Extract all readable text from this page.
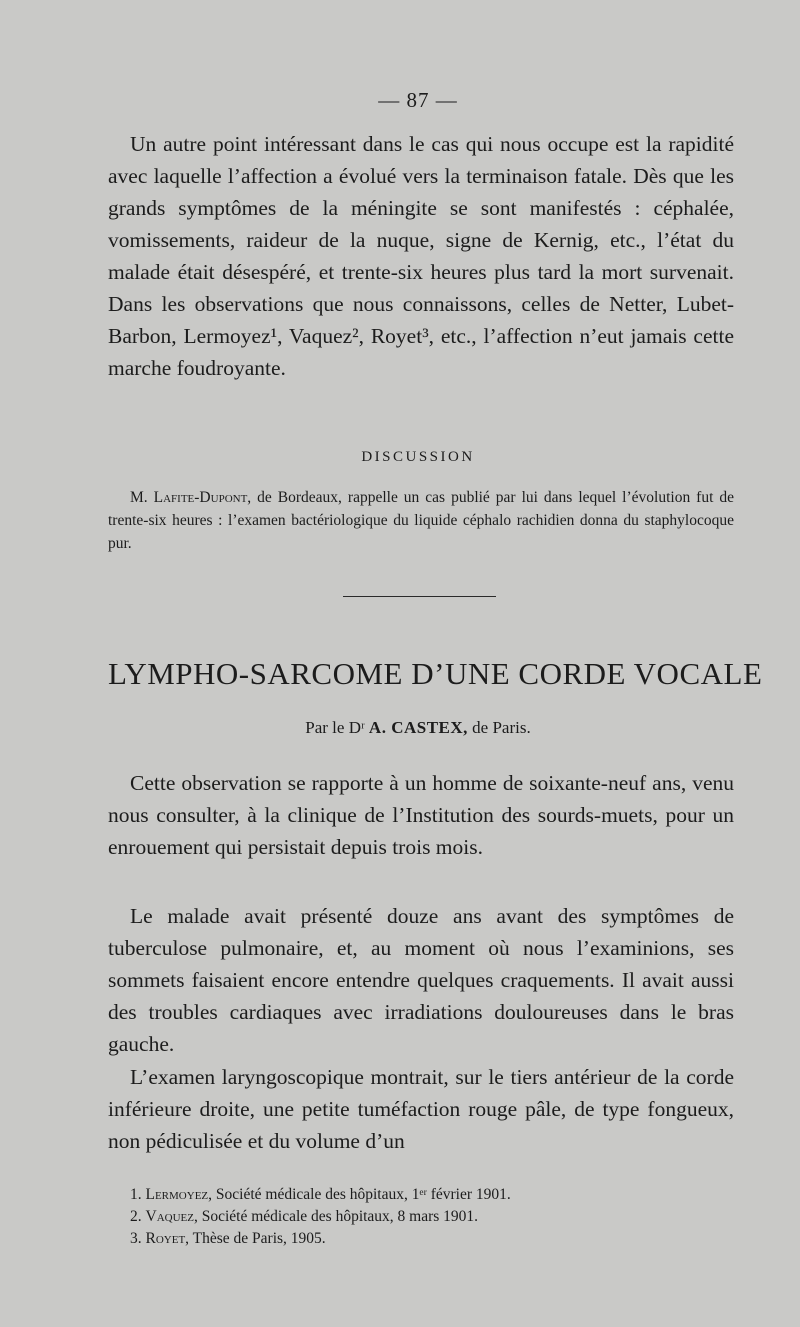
— 87 —

Un autre point intéressant dans le cas qui nous occupe est la rapidité avec laquelle l’affection a évolué vers la terminaison fatale. Dès que les grands symptômes de la méningite se sont manifestés : céphalée, vomissements, raideur de la nuque, signe de Kernig, etc., l’état du malade était désespéré, et trente-six heures plus tard la mort survenait. Dans les observations que nous connaissons, celles de Netter, Lubet-Barbon, Lermoyez¹, Vaquez², Royet³, etc., l’affection n’eut jamais cette marche foudroyante.

DISCUSSION

M. Lafite-Dupont, de Bordeaux, rappelle un cas publié par lui dans lequel l’évolution fut de trente-six heures : l’examen bactériologique du liquide céphalo rachidien donna du staphylocoque pur.

LYMPHO-SARCOME D’UNE CORDE VOCALE
Par le Dʳ A. CASTEX, de Paris.

Cette observation se rapporte à un homme de soixante-neuf ans, venu nous consulter, à la clinique de l’Institution des sourds-muets, pour un enrouement qui persistait depuis trois mois.

Le malade avait présenté douze ans avant des symptômes de tuberculose pulmonaire, et, au moment où nous l’examinions, ses sommets faisaient encore entendre quelques craquements. Il avait aussi des troubles cardiaques avec irradiations douloureuses dans le bras gauche.

L’examen laryngoscopique montrait, sur le tiers antérieur de la corde inférieure droite, une petite tuméfaction rouge pâle, de type fongueux, non pédiculisée et du volume d’un

1. Lermoyez, Société médicale des hôpitaux, 1ᵉʳ février 1901.

2. Vaquez, Société médicale des hôpitaux, 8 mars 1901.

3. Royet, Thèse de Paris, 1905.
